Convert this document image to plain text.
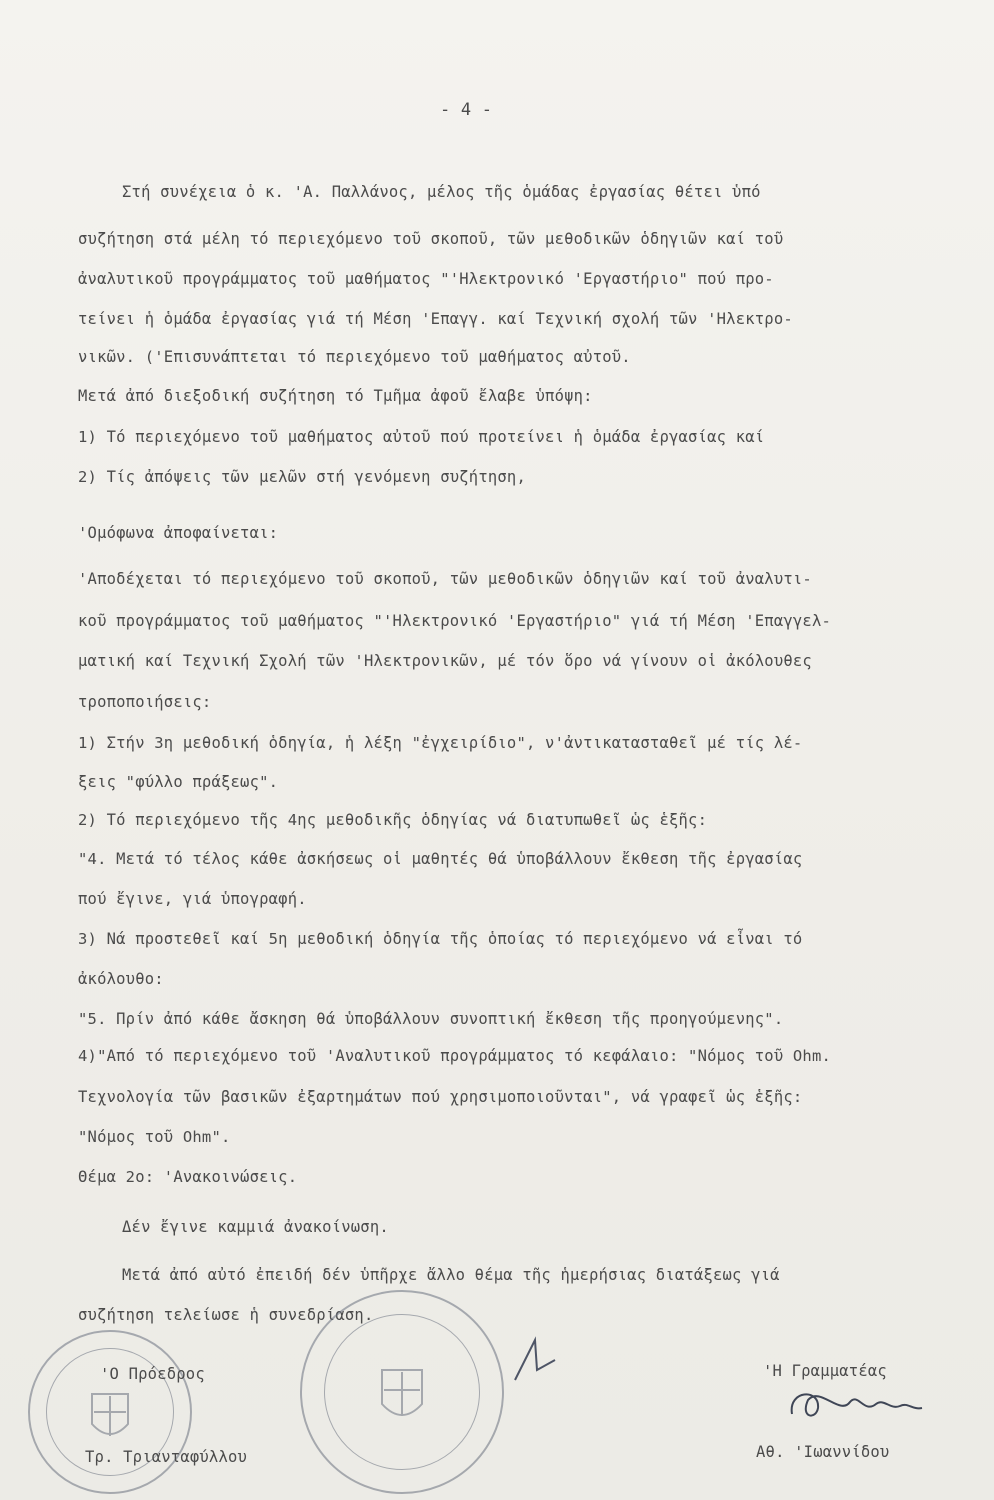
- 4 -
Στή συνέχεια ὁ κ. 'Α. Παλλάνος, μέλος τῆς ὁμάδας ἐργασίας θέτει ὑπό
συζήτηση στά μέλη τό περιεχόμενο τοῦ σκοποῦ, τῶν μεθοδικῶν ὁδηγιῶν καί τοῦ
ἀναλυτικοῦ προγράμματος τοῦ μαθήματος "'Ηλεκτρονικό 'Εργαστήριο" πού προ-
τείνει ἡ ὁμάδα ἐργασίας γιά τή Μέση 'Επαγγ. καί Τεχνική σχολή τῶν 'Ηλεκτρο-
νικῶν. ('Επισυνάπτεται τό περιεχόμενο τοῦ μαθήματος αὐτοῦ.
Μετά ἀπό διεξοδική συζήτηση τό Τμῆμα ἀφοῦ ἔλαβε ὑπόψη:
1) Τό περιεχόμενο τοῦ μαθήματος αὐτοῦ πού προτείνει ἡ ὁμάδα ἐργασίας καί
2) Τίς ἀπόψεις τῶν μελῶν στή γενόμενη συζήτηση,
'Ομόφωνα ἀποφαίνεται:
'Αποδέχεται τό περιεχόμενο τοῦ σκοποῦ, τῶν μεθοδικῶν ὁδηγιῶν καί τοῦ ἀναλυτι-
κοῦ προγράμματος τοῦ μαθήματος "'Ηλεκτρονικό 'Εργαστήριο" γιά τή Μέση 'Επαγγελ-
ματική καί Τεχνική Σχολή τῶν 'Ηλεκτρονικῶν, μέ τόν ὅρο νά γίνουν οἱ ἀκόλουθες
τροποποιήσεις:
1) Στήν 3η μεθοδική ὁδηγία, ἡ λέξη "ἐγχειρίδιο", ν'ἀντικατασταθεῖ μέ τίς λέ-
ξεις "φύλλο πράξεως".
2) Τό περιεχόμενο τῆς 4ης μεθοδικῆς ὁδηγίας νά διατυπωθεῖ ὡς ἑξῆς:
"4. Μετά τό τέλος κάθε ἀσκήσεως οἱ μαθητές θά ὑποβάλλουν ἔκθεση τῆς ἐργασίας
πού ἔγινε, γιά ὑπογραφή.
3) Νά προστεθεῖ καί 5η μεθοδική ὁδηγία τῆς ὁποίας τό περιεχόμενο νά εἶναι τό
ἀκόλουθο:
"5. Πρίν ἀπό κάθε ἄσκηση θά ὑποβάλλουν συνοπτική ἔκθεση τῆς προηγούμενης".
4)"Από τό περιεχόμενο τοῦ 'Αναλυτικοῦ προγράμματος τό κεφάλαιο: "Νόμος τοῦ Ohm.
Τεχνολογία τῶν βασικῶν ἐξαρτημάτων πού χρησιμοποιοῦνται", νά γραφεῖ ὡς ἑξῆς:
"Νόμος τοῦ Ohm".
Θέμα 2ο: 'Ανακοινώσεις.
Δέν ἔγινε καμμιά ἀνακοίνωση.
Μετά ἀπό αὐτό ἐπειδή δέν ὑπῆρχε ἄλλο θέμα τῆς ἡμερήσιας διατάξεως γιά
συζήτηση τελείωσε ἡ συνεδρίαση.
'Ο Πρόεδρος
Τρ. Τριανταφύλλου
'Η Γραμματέας
Αθ. 'Ιωαννίδου
